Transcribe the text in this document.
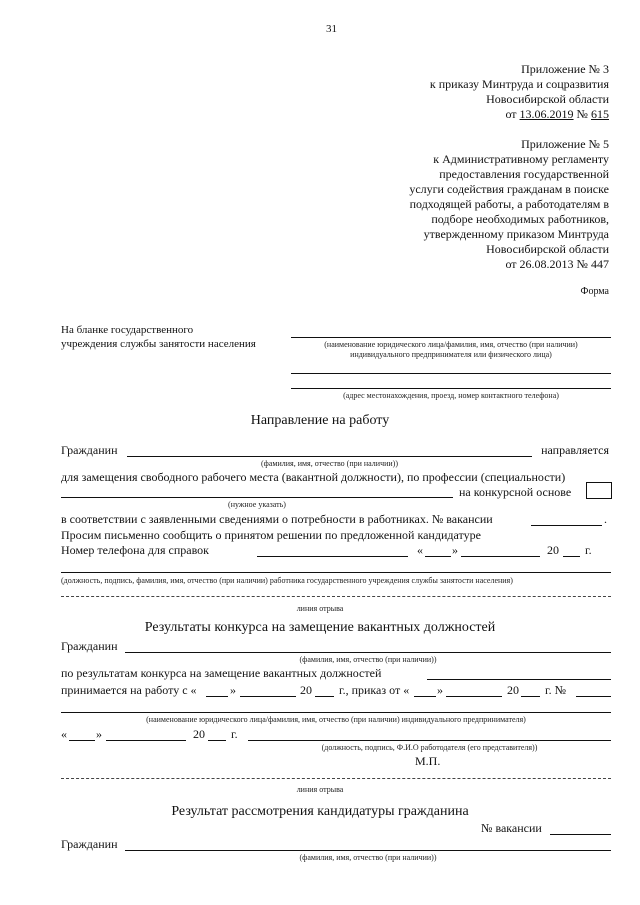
31
Приложение № 3
к приказу Минтруда и соцразвития
Новосибирской области
от 13.06.2019 № 615
Приложение № 5
к Административному регламенту
предоставления государственной
услуги содействия гражданам в поиске
подходящей работы, а работодателям в
подборе необходимых работников,
утвержденному приказом Минтруда
Новосибирской области
от 26.08.2013 № 447
Форма
На бланке государственного
учреждения службы занятости населения	(наименование юридического лица/фамилия, имя, отчество (при наличии)
индивидуального предпринимателя или физического лица)
(адрес местонахождения, проезд, номер контактного телефона)
Направление на работу
Гражданин	направляется
(фамилия, имя, отчество (при наличии))
для замещения свободного рабочего места (вакантной должности), по профессии (специальности)
на конкурсной основе
(нужное указать)
в соответствии с заявленными сведениями о потребности в работниках. № вакансии	.
Просим письменно сообщить о принятом решении по предложенной кандидатуре
Номер телефона для справок	« »	20 г.
(должность, подпись, фамилия, имя, отчество (при наличии) работника государственного учреждения службы занятости населения)
линия отрыва
Результаты конкурса на замещение вакантных должностей
Гражданин
(фамилия, имя, отчество (при наличии))
по результатам конкурса на замещение вакантных должностей
принимается на работу с «	»	20 г., приказ от « »	20 г. №
(наименование юридического лица/фамилия, имя, отчество (при наличии) индивидуального предпринимателя)
« »	20 г.
(должность, подпись, Ф.И.О работодателя (его представителя))
М.П.
линия отрыва
Результат рассмотрения кандидатуры гражданина
№ вакансии
Гражданин
(фамилия, имя, отчество (при наличии))
